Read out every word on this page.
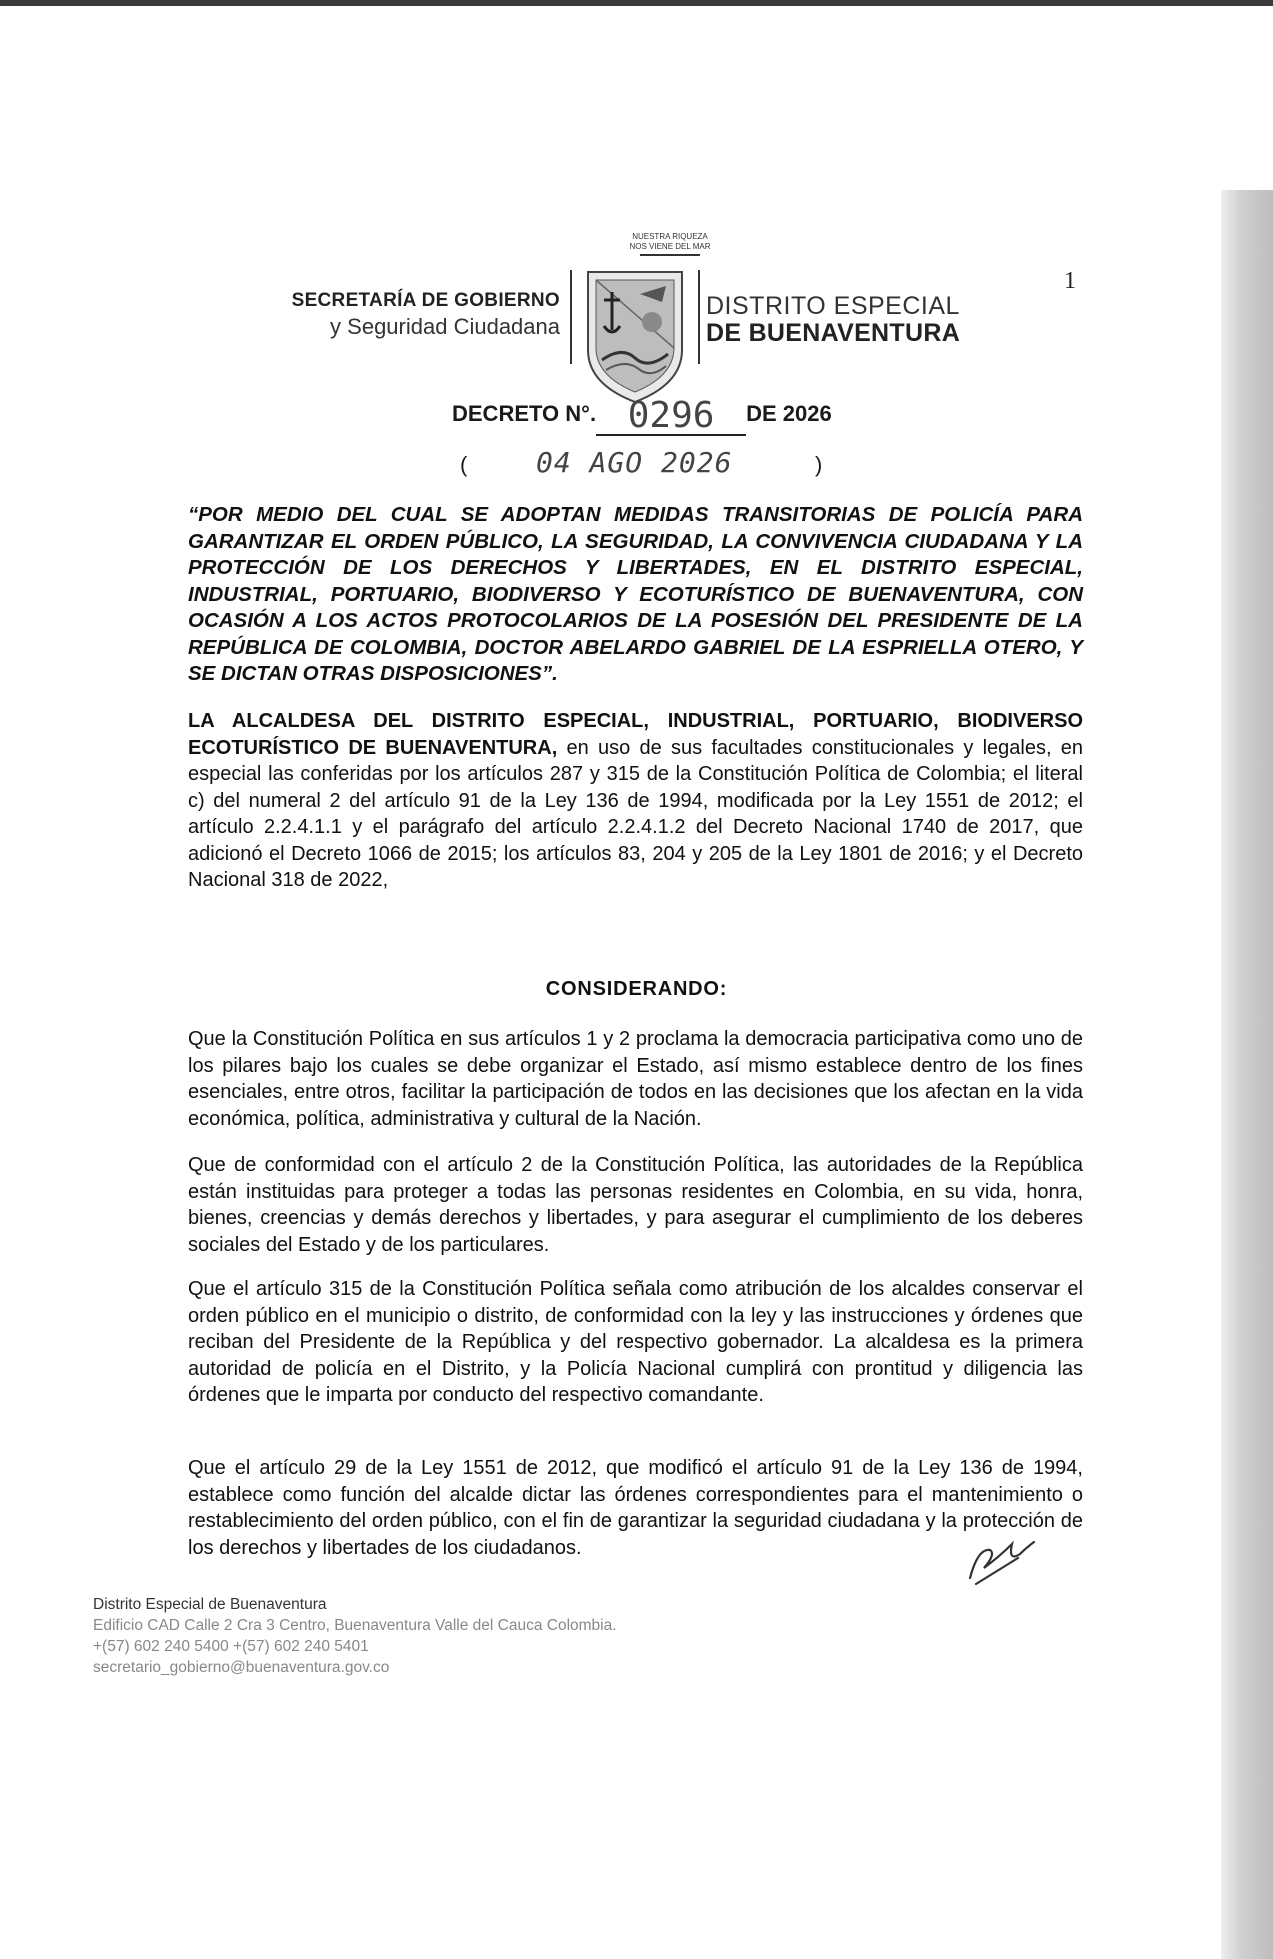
1
NUESTRA RIQUEZA
NOS VIENE DEL MAR
SECRETARÍA DE GOBIERNO
y Seguridad Ciudadana
DISTRITO ESPECIAL
DE BUENAVENTURA
DECRETO N°. 0296 DE 2026
( 04 AGO 2026	)
“POR MEDIO DEL CUAL SE ADOPTAN MEDIDAS TRANSITORIAS DE POLICÍA PARA GARANTIZAR EL ORDEN PÚBLICO, LA SEGURIDAD, LA CONVIVENCIA CIUDADANA Y LA PROTECCIÓN DE LOS DERECHOS Y LIBERTADES, EN EL DISTRITO ESPECIAL, INDUSTRIAL, PORTUARIO, BIODIVERSO Y ECOTURÍSTICO DE BUENAVENTURA, CON OCASIÓN A LOS ACTOS PROTOCOLARIOS DE LA POSESIÓN DEL PRESIDENTE DE LA REPÚBLICA DE COLOMBIA, DOCTOR ABELARDO GABRIEL DE LA ESPRIELLA OTERO, Y SE DICTAN OTRAS DISPOSICIONES”.
LA ALCALDESA DEL DISTRITO ESPECIAL, INDUSTRIAL, PORTUARIO, BIODIVERSO ECOTURÍSTICO DE BUENAVENTURA, en uso de sus facultades constitucionales y legales, en especial las conferidas por los artículos 287 y 315 de la Constitución Política de Colombia; el literal c) del numeral 2 del artículo 91 de la Ley 136 de 1994, modificada por la Ley 1551 de 2012; el artículo 2.2.4.1.1 y el parágrafo del artículo 2.2.4.1.2 del Decreto Nacional 1740 de 2017, que adicionó el Decreto 1066 de 2015; los artículos 83, 204 y 205 de la Ley 1801 de 2016; y el Decreto Nacional 318 de 2022,
CONSIDERANDO:

Que la Constitución Política en sus artículos 1 y 2 proclama la democracia participativa como uno de los pilares bajo los cuales se debe organizar el Estado, así mismo establece dentro de los fines esenciales, entre otros, facilitar la participación de todos en las decisiones que los afectan en la vida económica, política, administrativa y cultural de la Nación.

Que de conformidad con el artículo 2 de la Constitución Política, las autoridades de la República están instituidas para proteger a todas las personas residentes en Colombia, en su vida, honra, bienes, creencias y demás derechos y libertades, y para asegurar el cumplimiento de los deberes sociales del Estado y de los particulares.

Que el artículo 315 de la Constitución Política señala como atribución de los alcaldes conservar el orden público en el municipio o distrito, de conformidad con la ley y las instrucciones y órdenes que reciban del Presidente de la República y del respectivo gobernador. La alcaldesa es la primera autoridad de policía en el Distrito, y la Policía Nacional cumplirá con prontitud y diligencia las órdenes que le imparta por conducto del respectivo comandante.

Que el artículo 29 de la Ley 1551 de 2012, que modificó el artículo 91 de la Ley 136 de 1994, establece como función del alcalde dictar las órdenes correspondientes para el mantenimiento o restablecimiento del orden público, con el fin de garantizar la seguridad ciudadana y la protección de los derechos y libertades de los ciudadanos.

Distrito Especial de Buenaventura
Edificio CAD Calle 2 Cra 3 Centro, Buenaventura Valle del Cauca Colombia.
+(57) 602 240 5400 +(57) 602 240 5401
secretario_gobierno@buenaventura.gov.co
